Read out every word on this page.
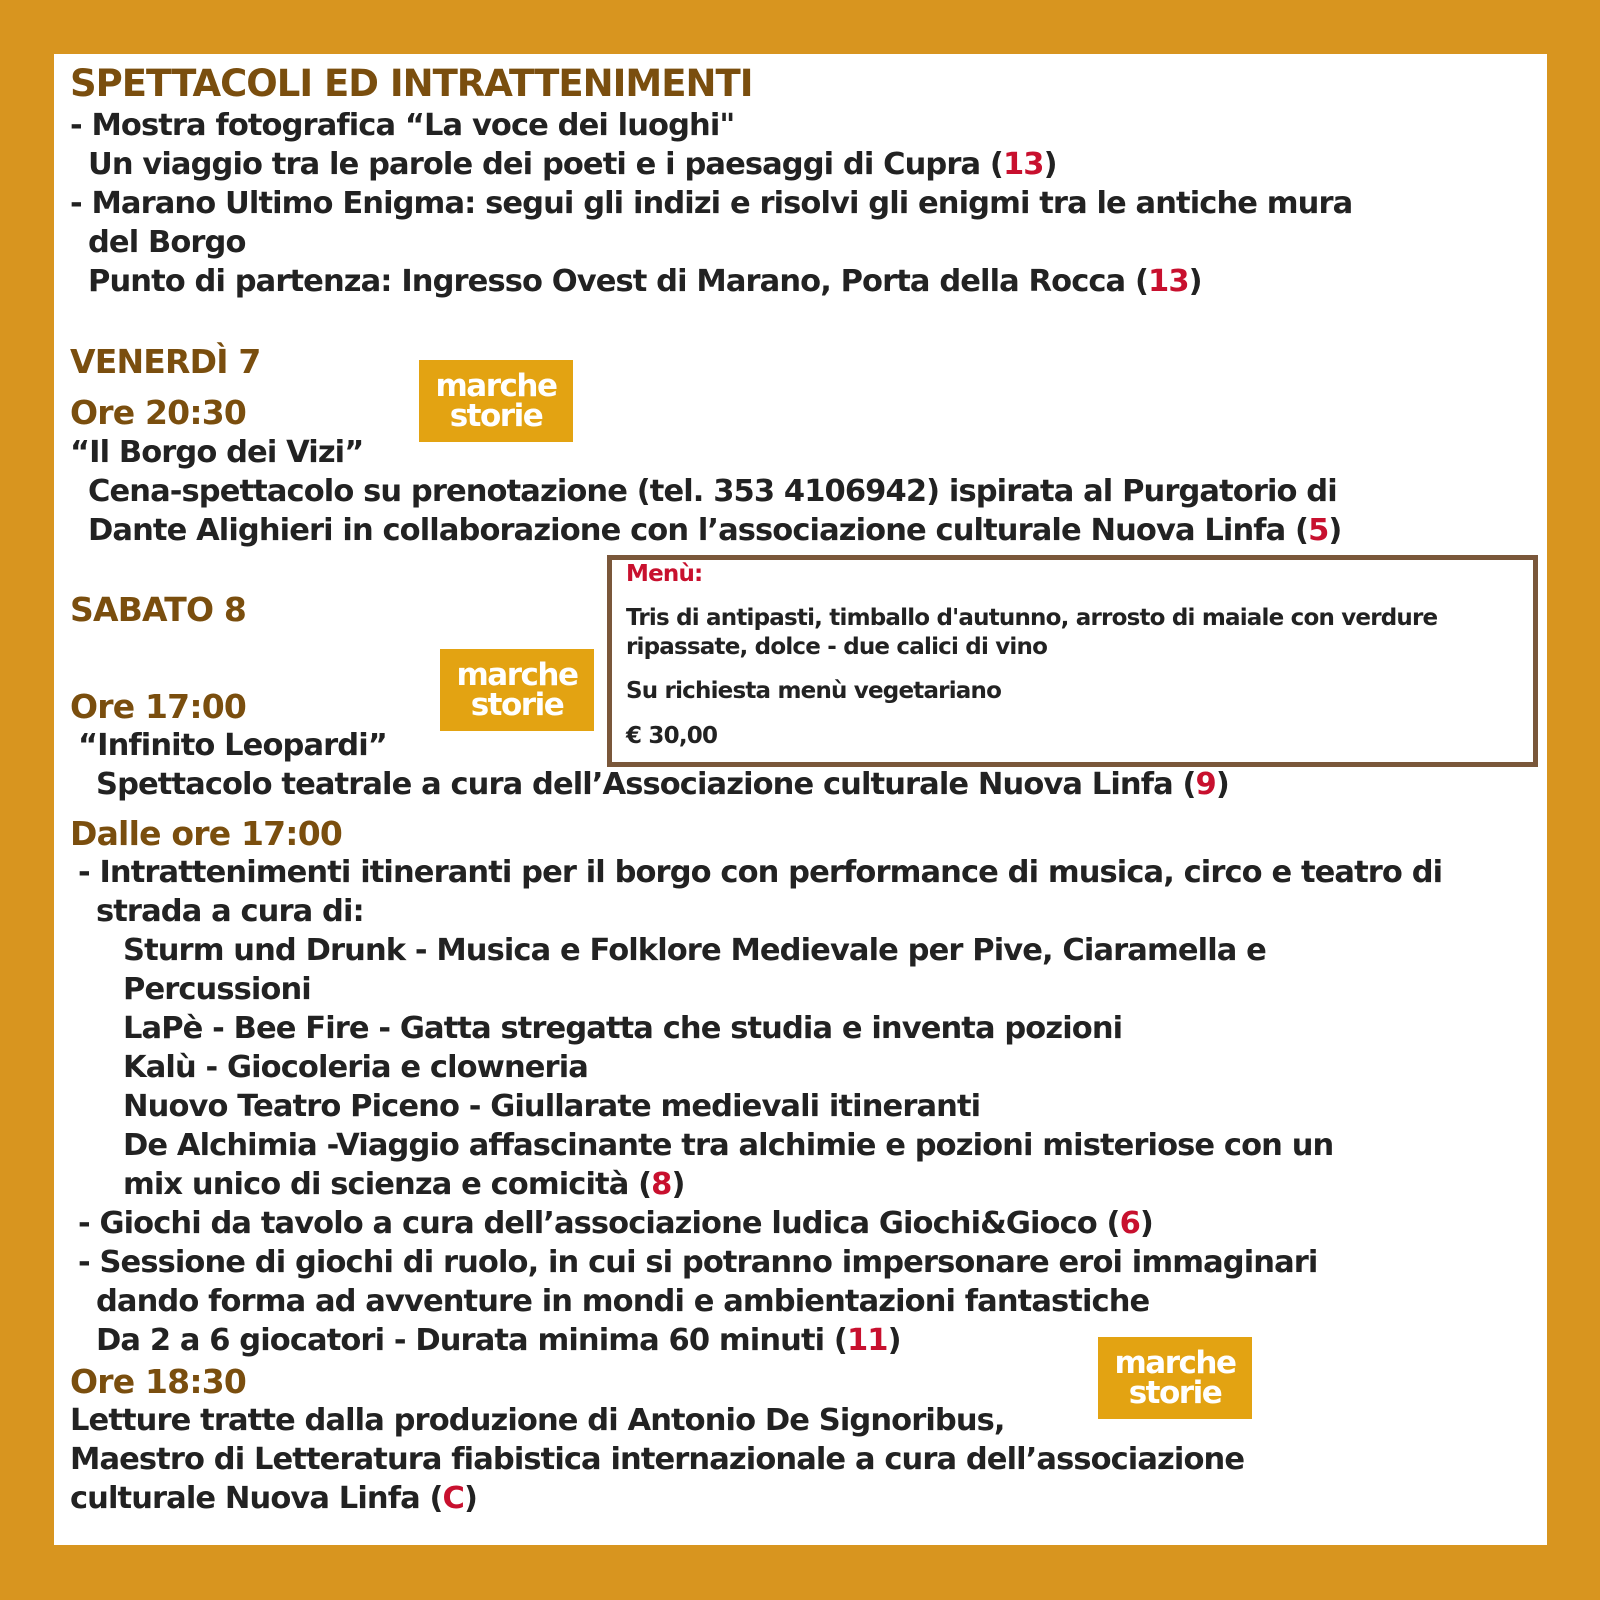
SPETTACOLI ED INTRATTENIMENTI

- Mostra fotografica “La voce dei luoghi"

Un viaggio tra le parole dei poeti e i paesaggi di Cupra (13)

- Marano Ultimo Enigma: segui gli indizi e risolvi gli enigmi tra le antiche mura

del Borgo

Punto di partenza: Ingresso Ovest di Marano, Porta della Rocca (13)

VENERDÌ 7

Ore 20:30

“Il Borgo dei Vizi”

Cena-spettacolo su prenotazione (tel. 353 4106942) ispirata al Purgatorio di

Dante Alighieri in collaborazione con l’associazione culturale Nuova Linfa (5)

marche
storie

Menù:

Tris di antipasti, timballo d'autunno, arrosto di maiale con verdure

ripassate, dolce - due calici di vino

Su richiesta menù vegetariano

€ 30,00

SABATO 8

marche
storie

Ore 17:00

“Infinito Leopardi”

Spettacolo teatrale a cura dell’Associazione culturale Nuova Linfa (9)

Dalle ore 17:00

- Intrattenimenti itineranti per il borgo con performance di musica, circo e teatro di

strada a cura di:

Sturm und Drunk - Musica e Folklore Medievale per Pive, Ciaramella e

Percussioni

LaPè - Bee Fire - Gatta stregatta che studia e inventa pozioni

Kalù - Giocoleria e clowneria

Nuovo Teatro Piceno - Giullarate medievali itineranti

De Alchimia -Viaggio affascinante tra alchimie e pozioni misteriose con un

mix unico di scienza e comicità (8)

- Giochi da tavolo a cura dell’associazione ludica Giochi&Gioco (6)

- Sessione di giochi di ruolo, in cui si potranno impersonare eroi immaginari

dando forma ad avventure in mondi e ambientazioni fantastiche

Da 2 a 6 giocatori - Durata minima 60 minuti (11)

marche
storie

Ore 18:30

Letture tratte dalla produzione di Antonio De Signoribus,

Maestro di Letteratura fiabistica internazionale a cura dell’associazione

culturale Nuova Linfa (C)
